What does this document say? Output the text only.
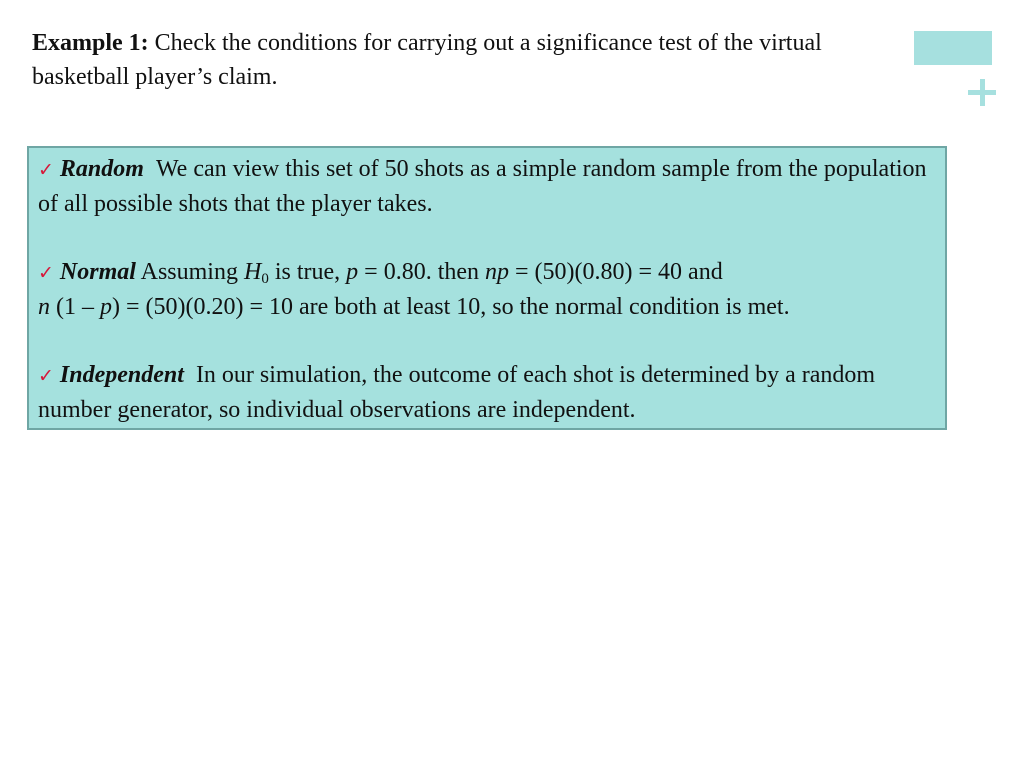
Example 1: Check the conditions for carrying out a significance test of the virtual basketball player’s claim.

✓ Random We can view this set of 50 shots as a simple random sample from the population of all possible shots that the player takes.

✓ Normal Assuming $H_0$ is true, p = 0.80. then np = (50)(0.80) = 40 and
n (1 – p) = (50)(0.20) = 10 are both at least 10, so the normal condition is met.

✓ Independent In our simulation, the outcome of each shot is determined by a random number generator, so individual observations are independent.
